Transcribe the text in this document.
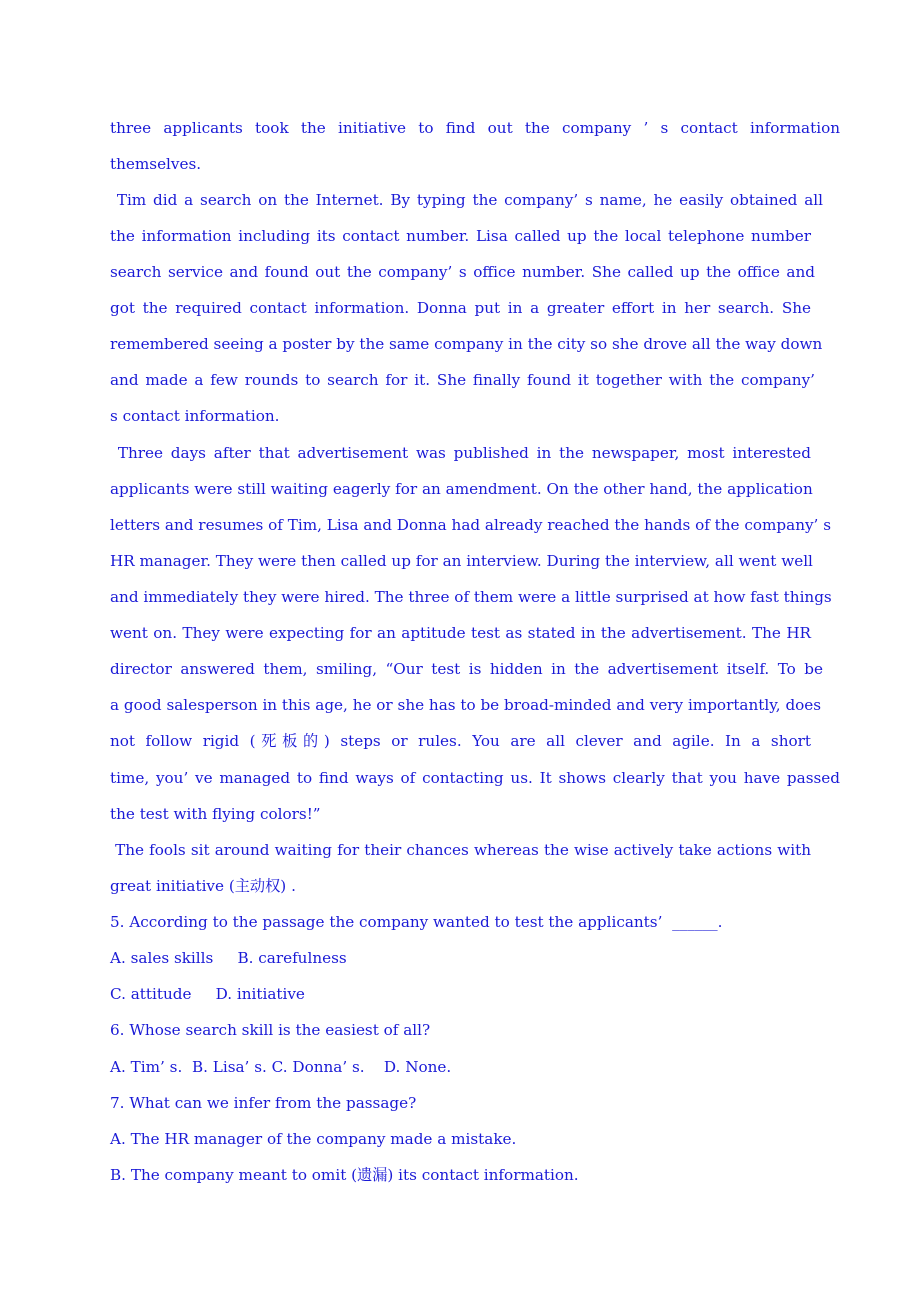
three applicants took the initiative to find out the company ’ s contact information
themselves.
Tim did a search on the Internet. By typing the company’ s name, he easily obtained all
the information including its contact number. Lisa called up the local telephone number
search service and found out the company’ s office number. She called up the office and
got the required contact information. Donna put in a greater effort in her search. She
remembered seeing a poster by the same company in the city so she drove all the way down
and made a few rounds to search for it. She finally found it together with the company’
s contact information.
Three days after that advertisement was published in the newspaper, most interested
applicants were still waiting eagerly for an amendment. On the other hand, the application
letters and resumes of Tim, Lisa and Donna had already reached the hands of the company’ s
HR manager. They were then called up for an interview. During the interview, all went well
and immediately they were hired. The three of them were a little surprised at how fast things
went on. They were expecting for an aptitude test as stated in the advertisement. The HR
director answered them, smiling, “Our test is hidden in the advertisement itself. To be
a good salesperson in this age, he or she has to be broad-minded and very importantly, does
not follow rigid (死板的) steps or rules. You are all clever and agile. In a short
time, you’ ve managed to find ways of contacting us. It shows clearly that you have passed
the test with flying colors!”
The fools sit around waiting for their chances whereas the wise actively take actions with
great initiative (主动权) .
5. According to the passage the company wanted to test the applicants’  ______.
A. sales skills     B. carefulness
C. attitude     D. initiative
6. Whose search skill is the easiest of all?
A. Tim’ s.  B. Lisa’ s. C. Donna’ s.    D. None.
7. What can we infer from the passage?
A. The HR manager of the company made a mistake.
B. The company meant to omit (遗漏) its contact information.
